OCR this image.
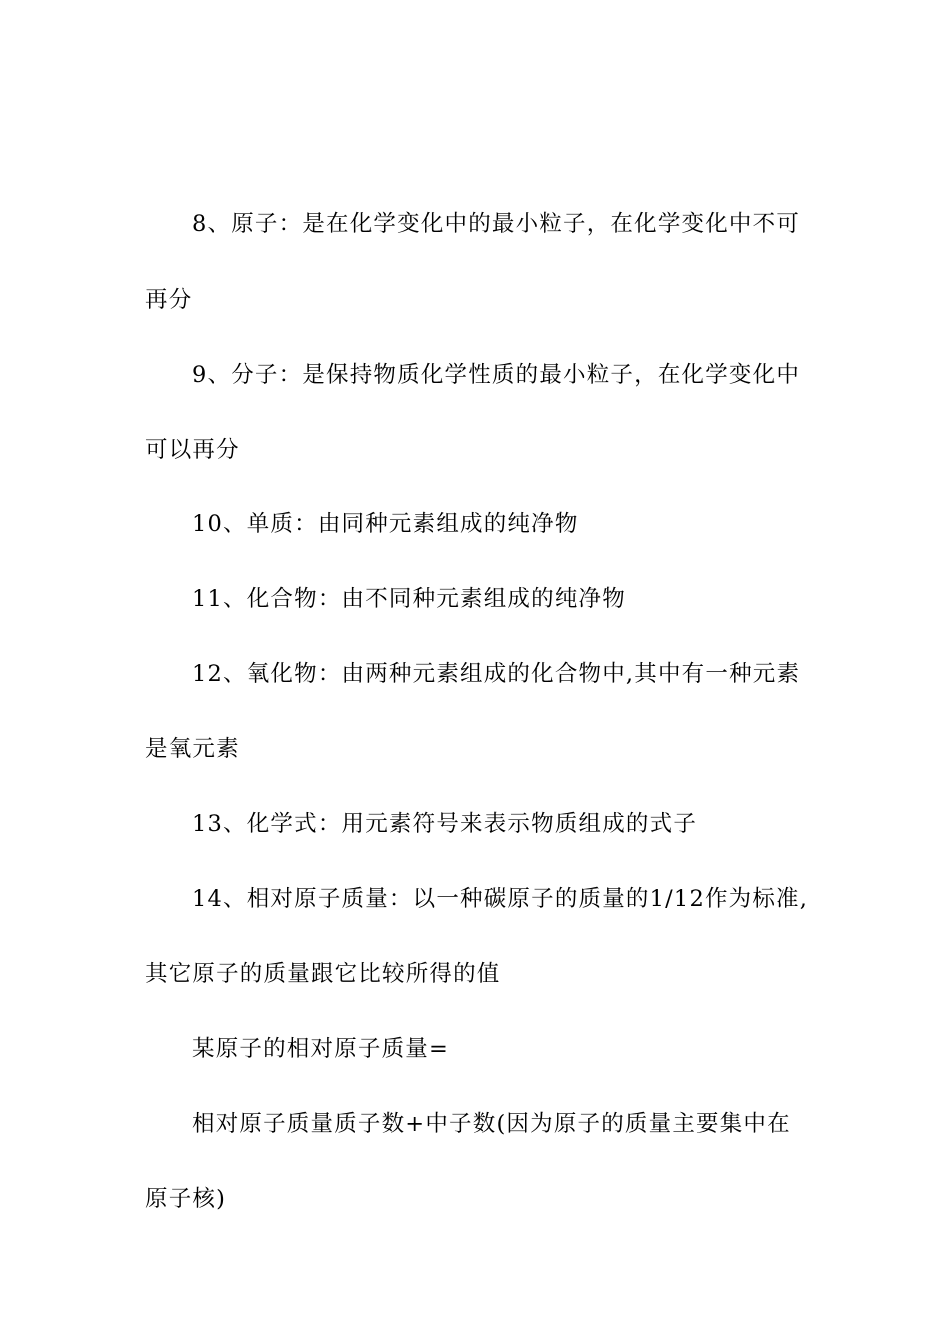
8、原子：是在化学变化中的最小粒子，在化学变化中不可
再分
9、分子：是保持物质化学性质的最小粒子，在化学变化中
可以再分
10、单质：由同种元素组成的纯净物
11、化合物：由不同种元素组成的纯净物
12、氧化物：由两种元素组成的化合物中,其中有一种元素
是氧元素
13、化学式：用元素符号来表示物质组成的式子
14、相对原子质量：以一种碳原子的质量的1/12作为标准,
其它原子的质量跟它比较所得的值
某原子的相对原子质量=
相对原子质量质子数+中子数(因为原子的质量主要集中在
原子核)
